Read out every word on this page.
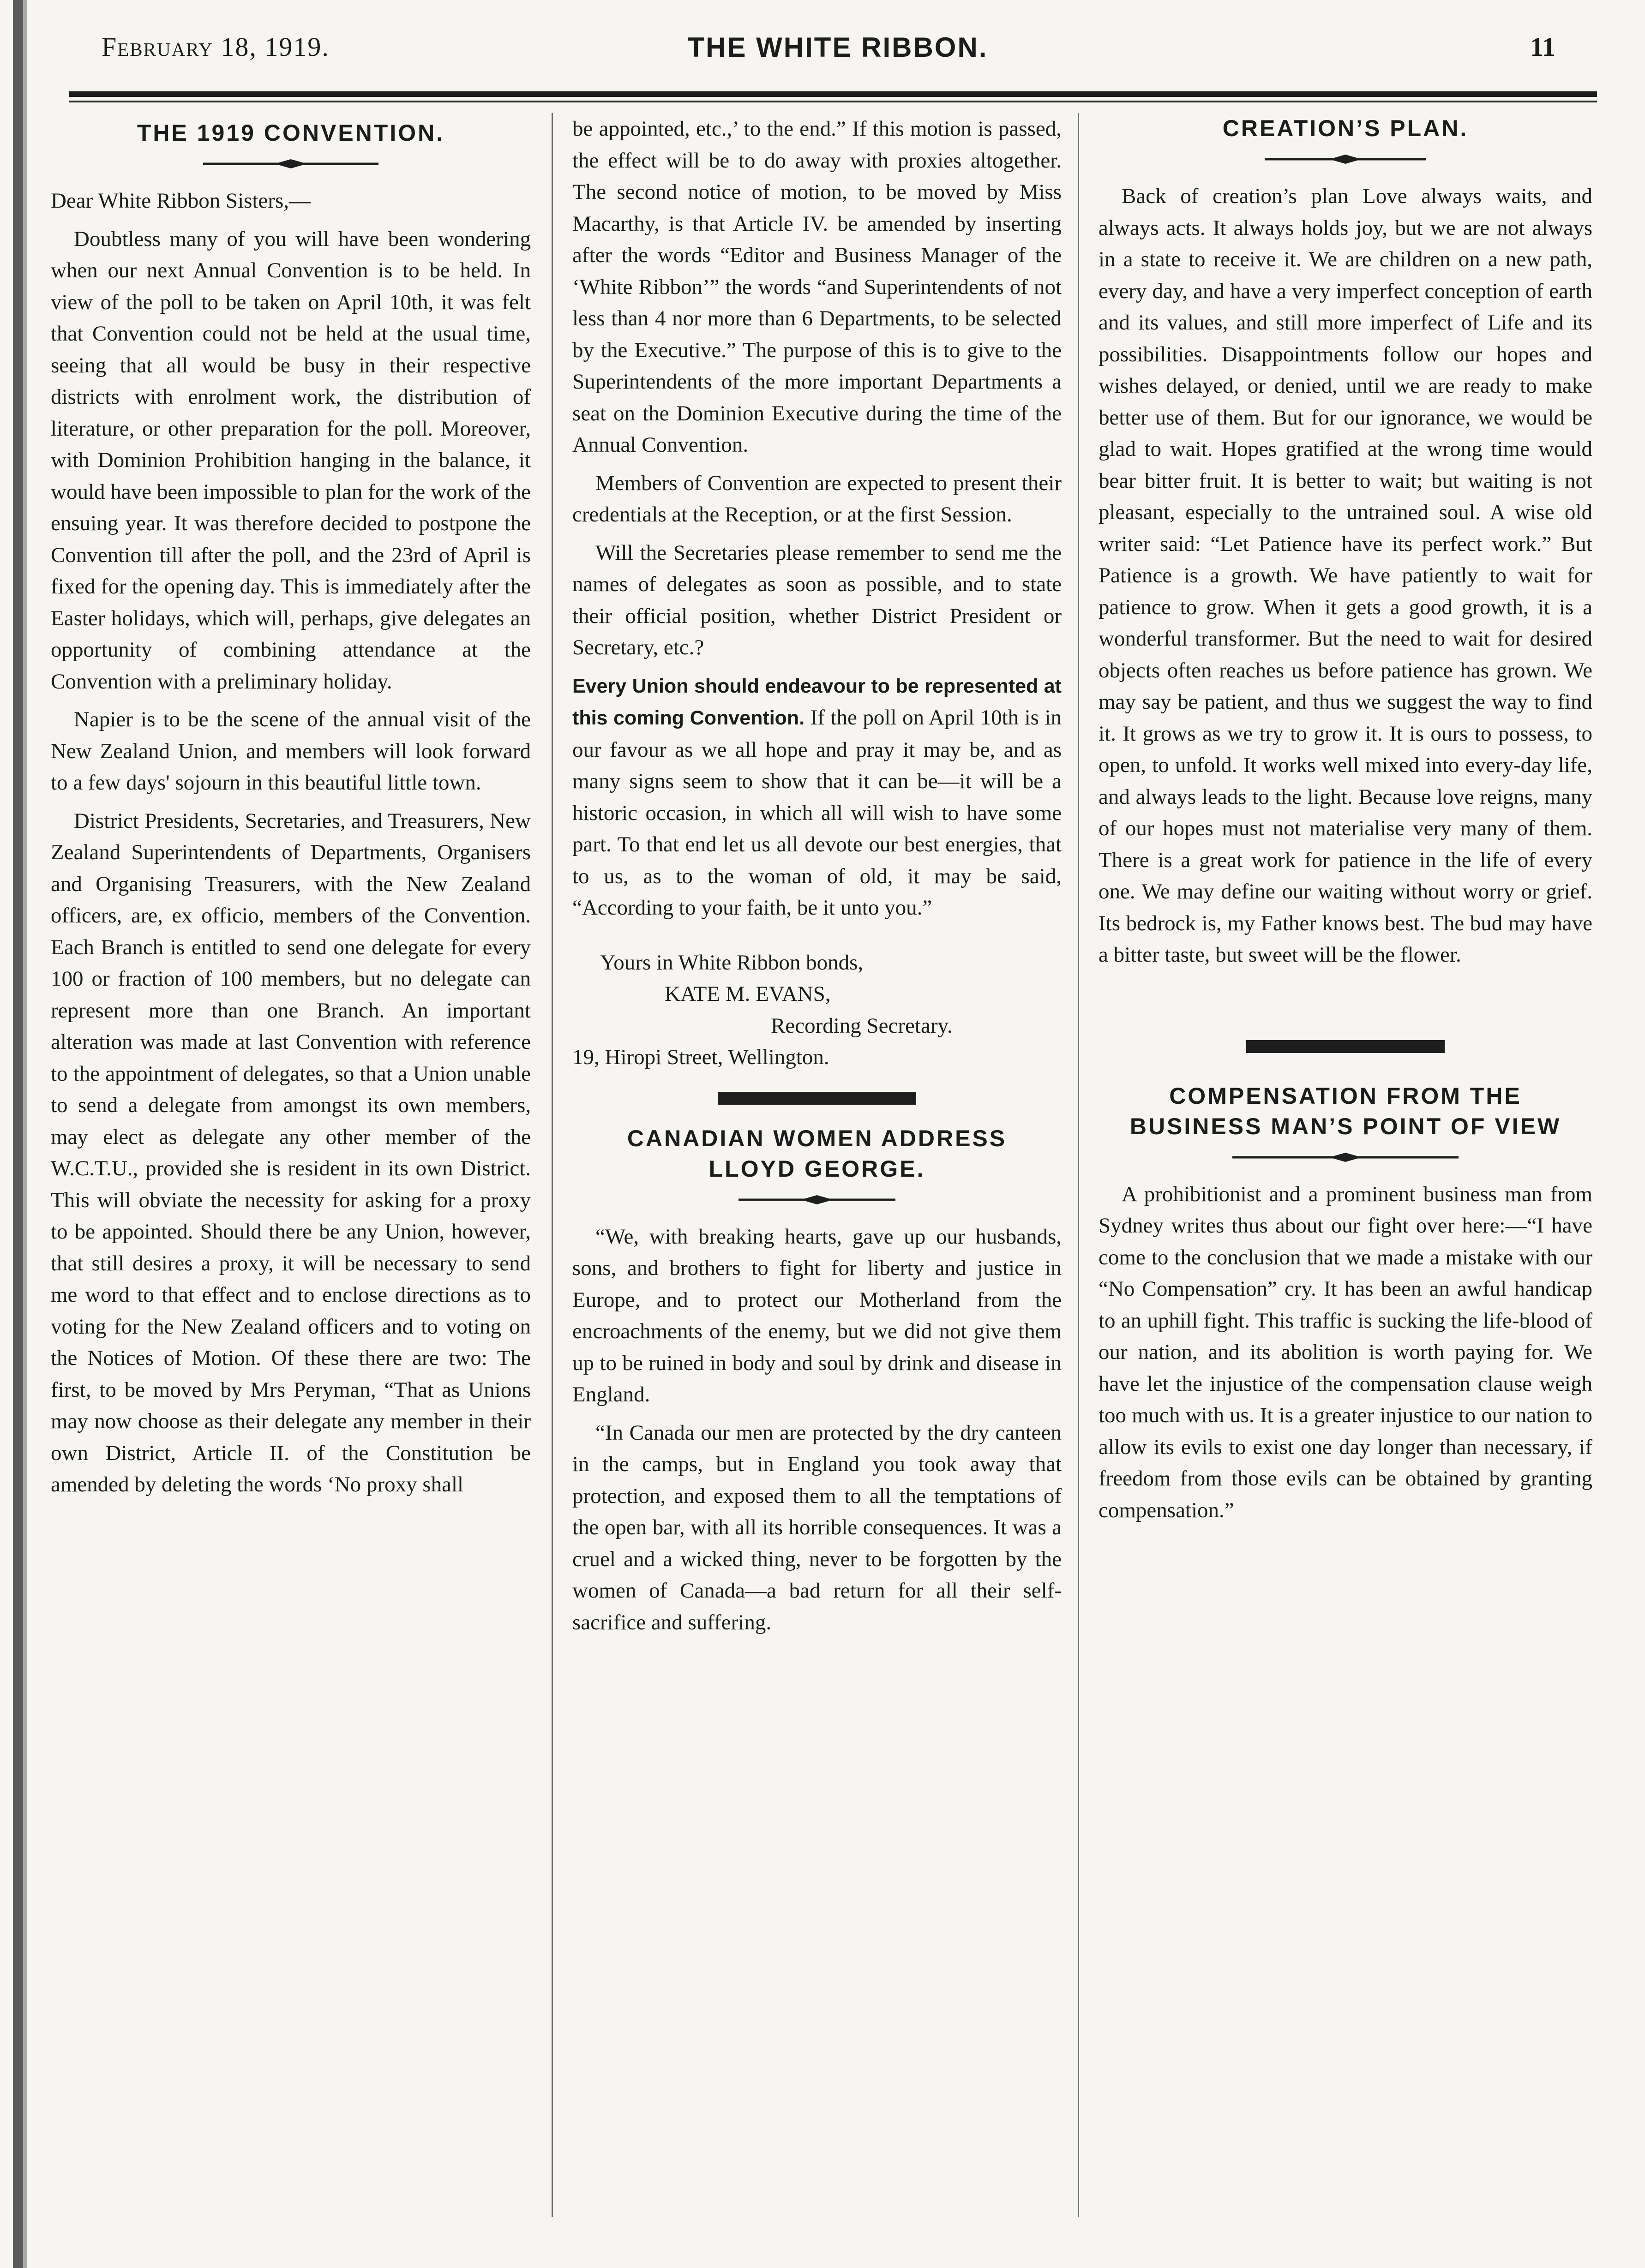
February 18, 1919.	THE WHITE RIBBON.	11
THE 1919 CONVENTION.

Dear White Ribbon Sisters,—

Doubtless many of you will have been wondering when our next Annual Convention is to be held. In view of the poll to be taken on April 10th, it was felt that Convention could not be held at the usual time, seeing that all would be busy in their respective districts with enrolment work, the distribution of literature, or other preparation for the poll. Moreover, with Dominion Prohibition hanging in the balance, it would have been impossible to plan for the work of the ensuing year. It was therefore decided to postpone the Convention till after the poll, and the 23rd of April is fixed for the opening day. This is immediately after the Easter holidays, which will, perhaps, give delegates an opportunity of combining attendance at the Convention with a preliminary holiday.

Napier is to be the scene of the annual visit of the New Zealand Union, and members will look forward to a few days' sojourn in this beautiful little town.

District Presidents, Secretaries, and Treasurers, New Zealand Superintendents of Departments, Organisers and Organising Treasurers, with the New Zealand officers, are, ex officio, members of the Convention. Each Branch is entitled to send one delegate for every 100 or fraction of 100 members, but no delegate can represent more than one Branch. An important alteration was made at last Convention with reference to the appointment of delegates, so that a Union unable to send a delegate from amongst its own members, may elect as delegate any other member of the W.C.T.U., provided she is resident in its own District. This will obviate the necessity for asking for a proxy to be appointed. Should there be any Union, however, that still desires a proxy, it will be necessary to send me word to that effect and to enclose directions as to voting for the New Zealand officers and to voting on the Notices of Motion. Of these there are two: The first, to be moved by Mrs Peryman, “That as Unions may now choose as their delegate any member in their own District, Article II. of the Constitution be amended by deleting the words ‘No proxy shall

be appointed, etc.,’ to the end.” If this motion is passed, the effect will be to do away with proxies altogether. The second notice of motion, to be moved by Miss Macarthy, is that Article IV. be amended by inserting after the words “Editor and Business Manager of the ‘White Ribbon’” the words “and Superintendents of not less than 4 nor more than 6 Departments, to be selected by the Executive.” The purpose of this is to give to the Superintendents of the more important Departments a seat on the Dominion Executive during the time of the Annual Convention.

Members of Convention are expected to present their credentials at the Reception, or at the first Session.

Will the Secretaries please remember to send me the names of delegates as soon as possible, and to state their official position, whether District President or Secretary, etc.?

Every Union should endeavour to be represented at this coming Convention. If the poll on April 10th is in our favour as we all hope and pray it may be, and as many signs seem to show that it can be—it will be a historic occasion, in which all will wish to have some part. To that end let us all devote our best energies, that to us, as to the woman of old, it may be said, “According to your faith, be it unto you.”

Yours in White Ribbon bonds,
KATE M. EVANS,
Recording Secretary.
19, Hiropi Street, Wellington.
CANADIAN WOMEN ADDRESS
LLOYD GEORGE.

“We, with breaking hearts, gave up our husbands, sons, and brothers to fight for liberty and justice in Europe, and to protect our Motherland from the encroachments of the enemy, but we did not give them up to be ruined in body and soul by drink and disease in England.

“In Canada our men are protected by the dry canteen in the camps, but in England you took away that protection, and exposed them to all the temptations of the open bar, with all its horrible consequences. It was a cruel and a wicked thing, never to be forgotten by the women of Canada—a bad return for all their self-sacrifice and suffering.

CREATION’S PLAN.

Back of creation’s plan Love always waits, and always acts. It always holds joy, but we are not always in a state to receive it. We are children on a new path, every day, and have a very imperfect conception of earth and its values, and still more imperfect of Life and its possibilities. Disappointments follow our hopes and wishes delayed, or denied, until we are ready to make better use of them. But for our ignorance, we would be glad to wait. Hopes gratified at the wrong time would bear bitter fruit. It is better to wait; but waiting is not pleasant, especially to the untrained soul. A wise old writer said: “Let Patience have its perfect work.” But Patience is a growth. We have patiently to wait for patience to grow. When it gets a good growth, it is a wonderful transformer. But the need to wait for desired objects often reaches us before patience has grown. We may say be patient, and thus we suggest the way to find it. It grows as we try to grow it. It is ours to possess, to open, to unfold. It works well mixed into every-day life, and always leads to the light. Because love reigns, many of our hopes must not materialise very many of them. There is a great work for patience in the life of every one. We may define our waiting without worry or grief. Its bedrock is, my Father knows best. The bud may have a bitter taste, but sweet will be the flower.

COMPENSATION FROM THE
BUSINESS MAN’S POINT OF VIEW

A prohibitionist and a prominent business man from Sydney writes thus about our fight over here:—“I have come to the conclusion that we made a mistake with our “No Compensation” cry. It has been an awful handicap to an uphill fight. This traffic is sucking the life-blood of our nation, and its abolition is worth paying for. We have let the injustice of the compensation clause weigh too much with us. It is a greater injustice to our nation to allow its evils to exist one day longer than necessary, if freedom from those evils can be obtained by granting compensation.”
